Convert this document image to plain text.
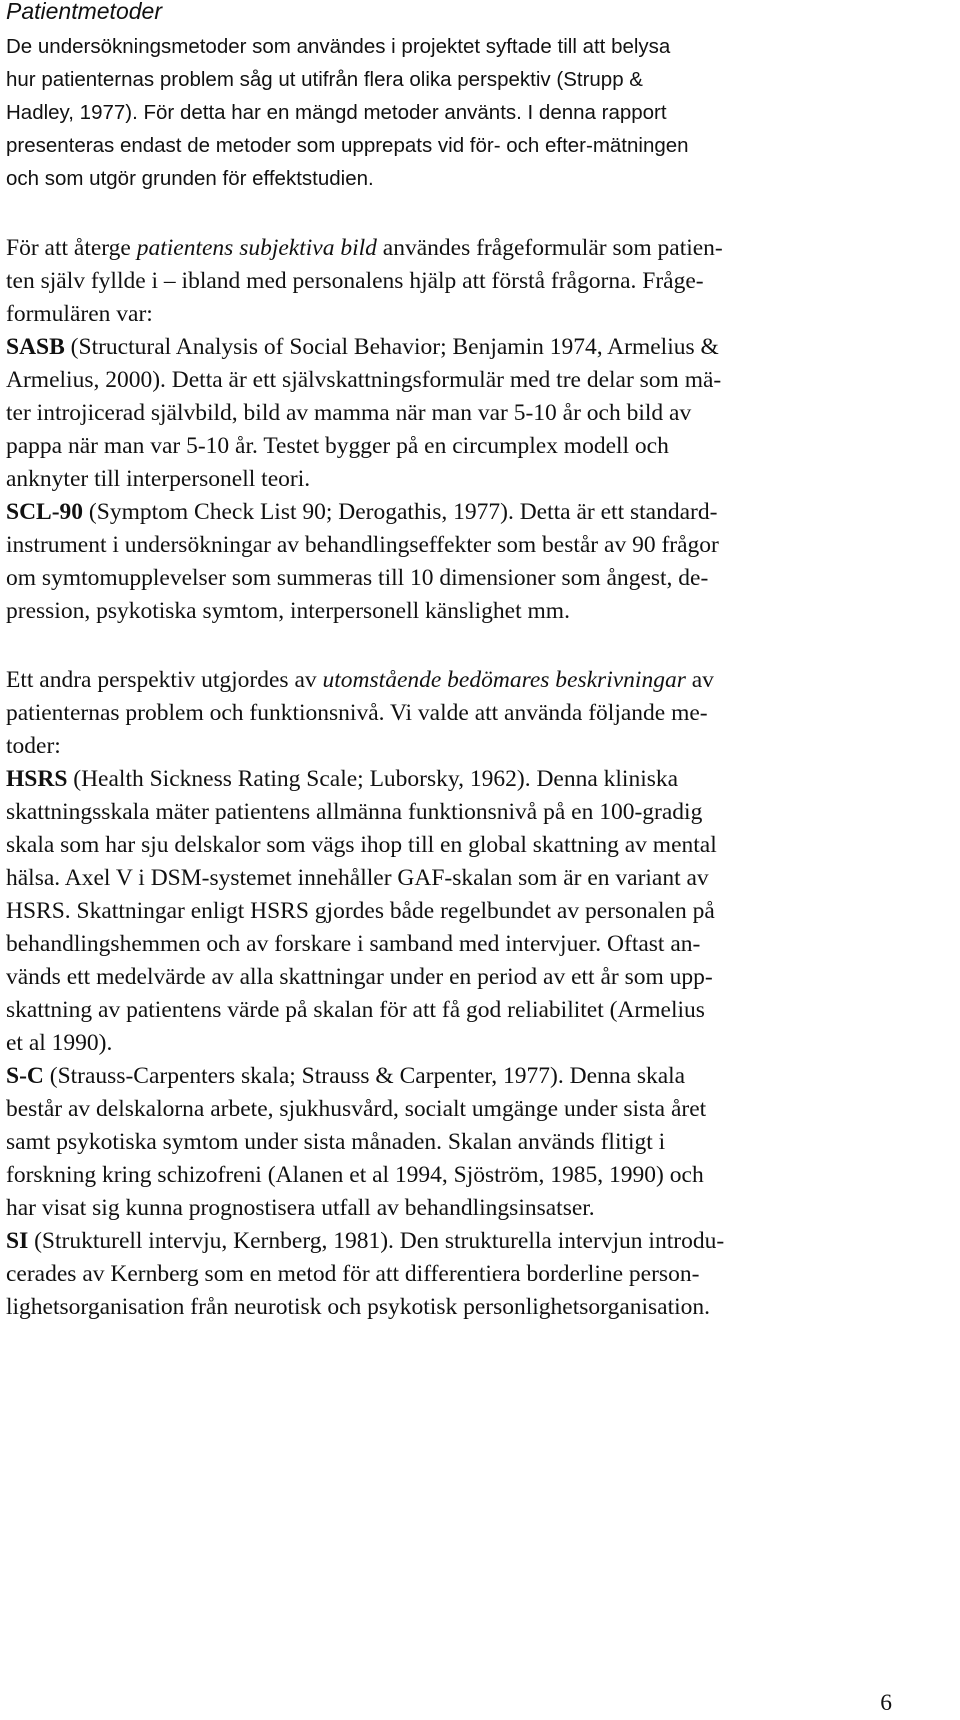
Patientmetoder
De undersökningsmetoder som användes i projektet syftade till att belysa
hur patienternas problem såg ut utifrån flera olika perspektiv (Strupp &
Hadley, 1977). För detta har en mängd metoder använts. I denna rapport
presenteras endast de metoder som upprepats vid för- och efter-mätningen
och som utgör grunden för effektstudien.
För att återge patientens subjektiva bild användes frågeformulär som patien-
ten själv fyllde i – ibland med personalens hjälp att förstå frågorna. Fråge-
formulären var:
SASB (Structural Analysis of Social Behavior; Benjamin 1974, Armelius &
Armelius, 2000). Detta är ett självskattningsformulär med tre delar som mä-
ter introjicerad självbild, bild av mamma när man var 5-10 år och bild av
pappa när man var 5-10 år. Testet bygger på en circumplex modell och
anknyter till interpersonell teori.
SCL-90 (Symptom Check List 90; Derogathis, 1977). Detta är ett standard-
instrument i undersökningar av behandlingseffekter som består av 90 frågor
om symtomupplevelser som summeras till 10 dimensioner som ångest, de-
pression, psykotiska symtom, interpersonell känslighet mm.
Ett andra perspektiv utgjordes av utomstående bedömares beskrivningar av
patienternas problem och funktionsnivå. Vi valde att använda följande me-
toder:
HSRS (Health Sickness Rating Scale; Luborsky, 1962). Denna kliniska
skattningsskala mäter patientens allmänna funktionsnivå på en 100-gradig
skala som har sju delskalor som vägs ihop till en global skattning av mental
hälsa. Axel V i DSM-systemet innehåller GAF-skalan som är en variant av
HSRS. Skattningar enligt HSRS gjordes både regelbundet av personalen på
behandlingshemmen och av forskare i samband med intervjuer. Oftast an-
vänds ett medelvärde av alla skattningar under en period av ett år som upp-
skattning av patientens värde på skalan för att få god reliabilitet (Armelius
et al 1990).
S-C (Strauss-Carpenters skala; Strauss & Carpenter, 1977). Denna skala
består av delskalorna arbete, sjukhusvård, socialt umgänge under sista året
samt psykotiska symtom under sista månaden. Skalan används flitigt i
forskning kring schizofreni (Alanen et al 1994, Sjöström, 1985, 1990) och
har visat sig kunna prognostisera utfall av behandlingsinsatser.
SI (Strukturell intervju, Kernberg, 1981). Den strukturella intervjun introdu-
cerades av Kernberg som en metod för att differentiera borderline person-
lighetsorganisation från neurotisk och psykotisk personlighetsorganisation.
6
